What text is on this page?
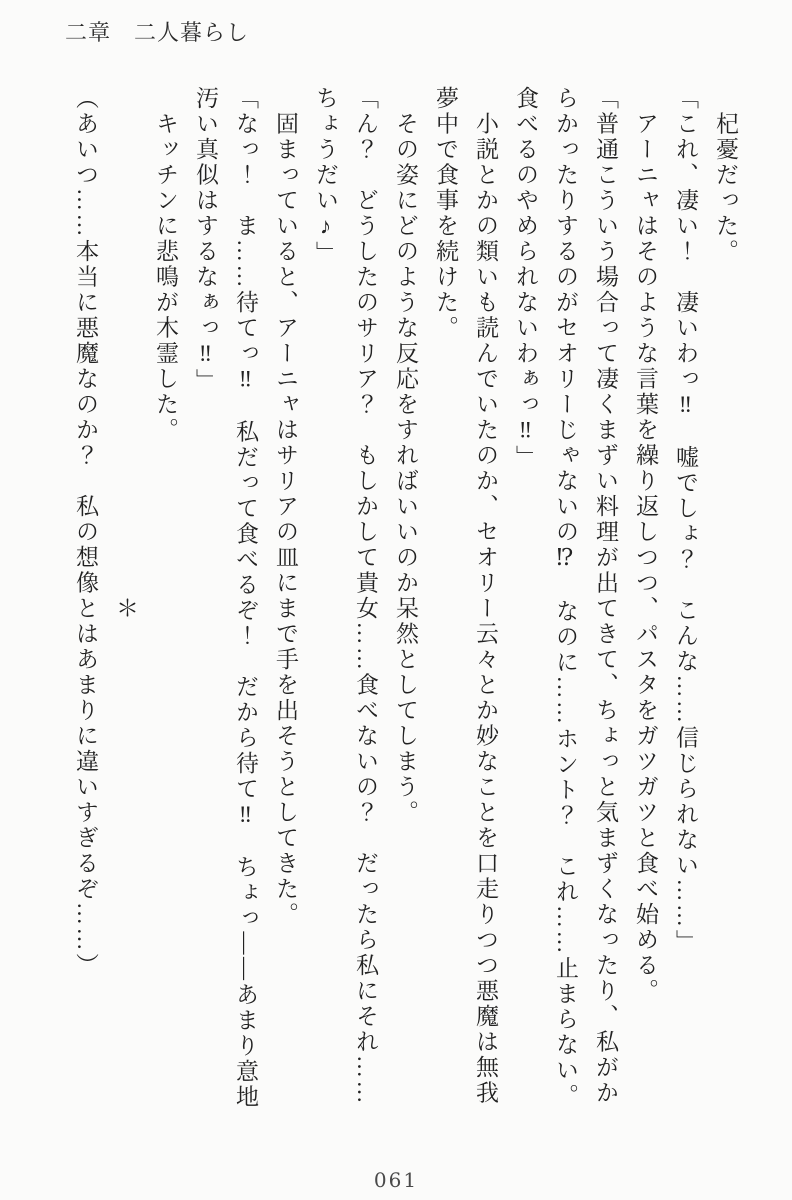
二章　二人暮らし
　杞憂だった。
「これ、凄い！　凄いわっ‼　嘘でしょ？　こんな……信じられない……」
　アーニャはそのような言葉を繰り返しつつ、パスタをガツガツと食べ始める。
「普通こういう場合って凄くまずい料理が出てきて、ちょっと気まずくなったり、私がか
らかったりするのがセオリーじゃないの⁉　なのに……ホント？　これ……止まらない。
食べるのやめられないわぁっ‼」
　小説とかの類いも読んでいたのか、セオリー云々とか妙なことを口走りつつ悪魔は無我
夢中で食事を続けた。
　その姿にどのような反応をすればいいのか呆然としてしまう。
「ん？　どうしたのサリア？　もしかして貴女……食べないの？　だったら私にそれ……
ちょうだい♪」
　固まっていると、アーニャはサリアの皿にまで手を出そうとしてきた。
「なっ！　ま……待てっ‼　私だって食べるぞ！　だから待て‼　ちょっ――あまり意地
汚い真似はするなぁっ‼」
　キッチンに悲鳴が木霊した。
＊
（あいつ……本当に悪魔なのか？　私の想像とはあまりに違いすぎるぞ……）
061
